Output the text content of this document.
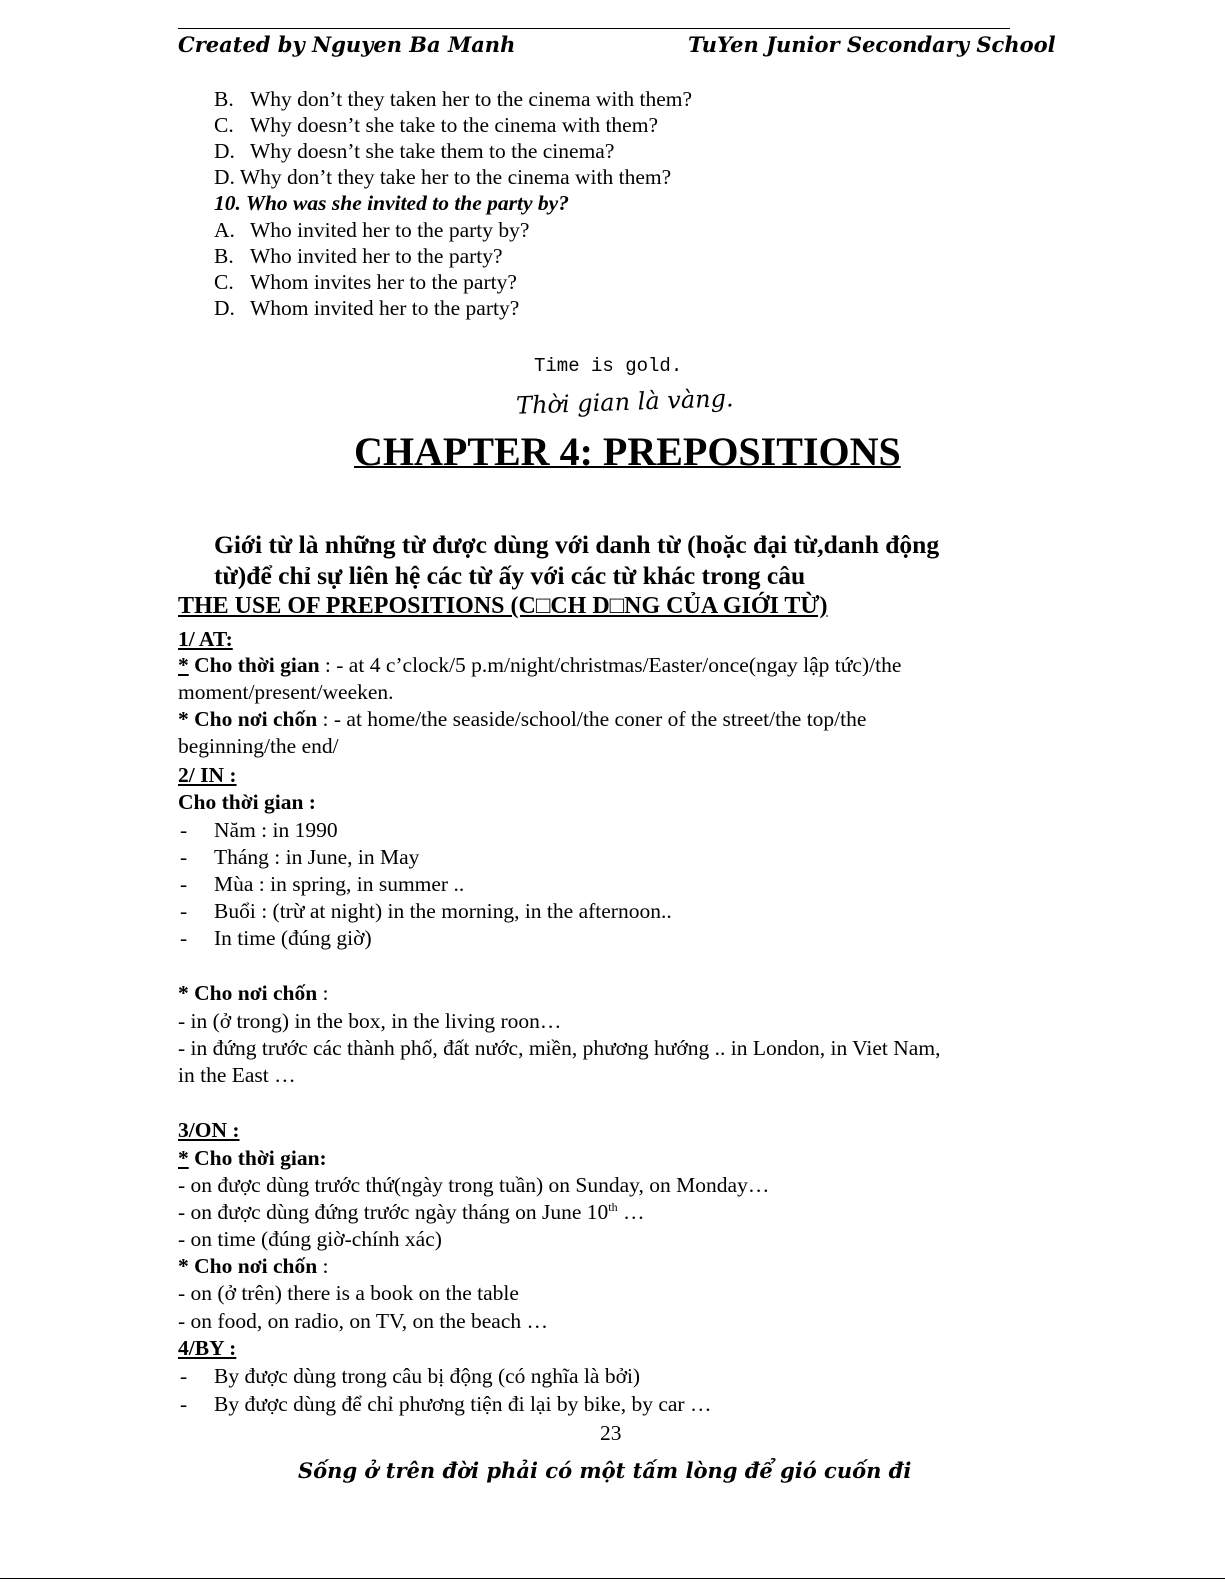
Created by Nguyen Ba Manh	TuYen Junior Secondary School
B. Why don’t they taken her to the cinema with them?
C. Why doesn’t she take to the cinema with them?
D. Why doesn’t she take them to the cinema?
D. Why don’t they take her to the cinema with them?
10. Who was she invited to the party by?
A. Who invited her to the party by?
B. Who invited her to the party?
C. Whom invites her to the party?
D. Whom invited her to the party?
Time is gold.
Thời gian là vàng.
CHAPTER 4: PREPOSITIONS
Giới từ là những từ được dùng với danh từ (hoặc đại từ,danh động
từ)để chỉ sự liên hệ các từ ấy với các từ khác trong câu
THE USE OF PREPOSITIONS (C□CH D□NG CỦA GIỚI TỪ)
1/ AT:
* Cho thời gian : - at 4 c’clock/5 p.m/night/christmas/Easter/once(ngay lập tức)/the
moment/present/weeken.
* Cho nơi chốn : - at home/the seaside/school/the coner of the street/the top/the
beginning/the end/
2/ IN :
Cho thời gian :
- Năm : in 1990
- Tháng : in June, in May
- Mùa : in spring, in summer ..
- Buổi : (trừ at night) in the morning, in the afternoon..
- In time (đúng giờ)
* Cho nơi chốn :
- in (ở trong) in the box, in the living roon…
- in đứng trước các thành phố, đất nước, miền, phương hướng .. in London, in Viet Nam,
in the East …
3/ON :
* Cho thời gian:
- on được dùng trước thứ(ngày trong tuần) on Sunday, on Monday…
- on được dùng đứng trước ngày tháng on June 10th …
- on time (đúng giờ-chính xác)
* Cho nơi chốn :
- on (ở trên) there is a book on the table
- on food, on radio, on TV, on the beach …
4/BY :
- By được dùng trong câu bị động (có nghĩa là bởi)
- By được dùng để chỉ phương tiện đi lại by bike, by car …
23
Sống ở trên đời phải có một tấm lòng để gió cuốn đi
